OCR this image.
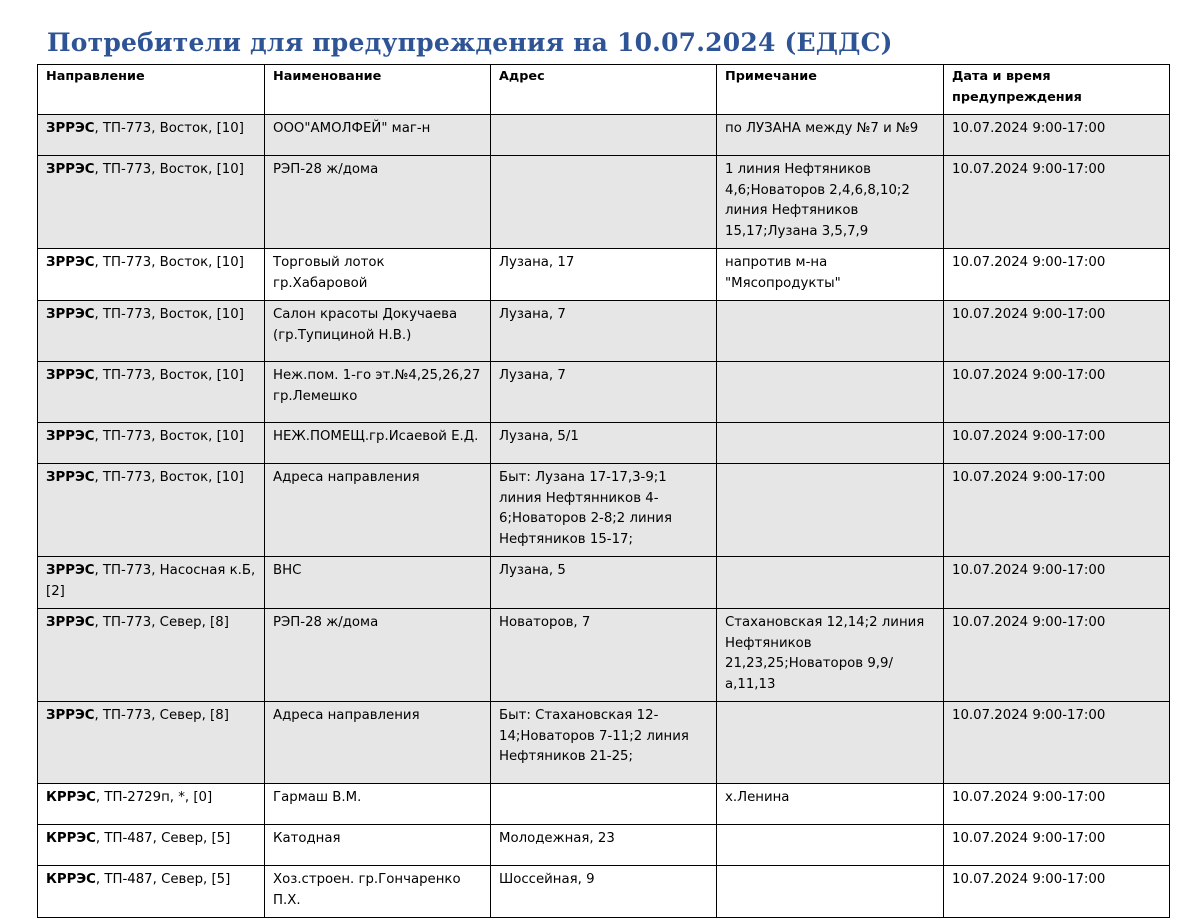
Потребители для предупреждения на 10.07.2024 (ЕДДС)
Направление	Наименование	Адрес	Примечание	Дата и время предупреждения
ЗРРЭС, ТП-773, Восток, [10]	ООО"АМОЛФЕЙ" маг-н		по ЛУЗАНА между №7 и №9	10.07.2024 9:00-17:00
ЗРРЭС, ТП-773, Восток, [10]	РЭП-28 ж/дома		1 линия Нефтяников 4,6;Новаторов 2,4,6,8,10;2 линия Нефтяников 15,17;Лузана 3,5,7,9	10.07.2024 9:00-17:00
ЗРРЭС, ТП-773, Восток, [10]	Торговый лоток гр.Хабаровой	Лузана, 17	напротив м-на "Мясопродукты"	10.07.2024 9:00-17:00
ЗРРЭС, ТП-773, Восток, [10]	Салон красоты Докучаева (гр.Тупициной Н.В.)	Лузана, 7		10.07.2024 9:00-17:00
ЗРРЭС, ТП-773, Восток, [10]	Неж.пом. 1-го эт.№4,25,26,27 гр.Лемешко	Лузана, 7		10.07.2024 9:00-17:00
ЗРРЭС, ТП-773, Восток, [10]	НЕЖ.ПОМЕЩ.гр.Исаевой Е.Д.	Лузана, 5/1		10.07.2024 9:00-17:00
ЗРРЭС, ТП-773, Восток, [10]	Адреса направления	Быт: Лузана 17-17,3-9;1 линия Нефтянников 4-6;Новаторов 2-8;2 линия Нефтяников 15-17;		10.07.2024 9:00-17:00
ЗРРЭС, ТП-773, Насосная к.Б, [2]	ВНС	Лузана, 5		10.07.2024 9:00-17:00
ЗРРЭС, ТП-773, Север, [8]	РЭП-28 ж/дома	Новаторов, 7	Стахановская 12,14;2 линия Нефтяников 21,23,25;Новаторов 9,9/а,11,13	10.07.2024 9:00-17:00
ЗРРЭС, ТП-773, Север, [8]	Адреса направления	Быт: Стахановская 12-14;Новаторов 7-11;2 линия Нефтяников 21-25;		10.07.2024 9:00-17:00
КРРЭС, ТП-2729п, *, [0]	Гармаш В.М.		х.Ленина	10.07.2024 9:00-17:00
КРРЭС, ТП-487, Север, [5]	Катодная	Молодежная, 23		10.07.2024 9:00-17:00
КРРЭС, ТП-487, Север, [5]	Хоз.строен. гр.Гончаренко П.Х.	Шоссейная, 9		10.07.2024 9:00-17:00
